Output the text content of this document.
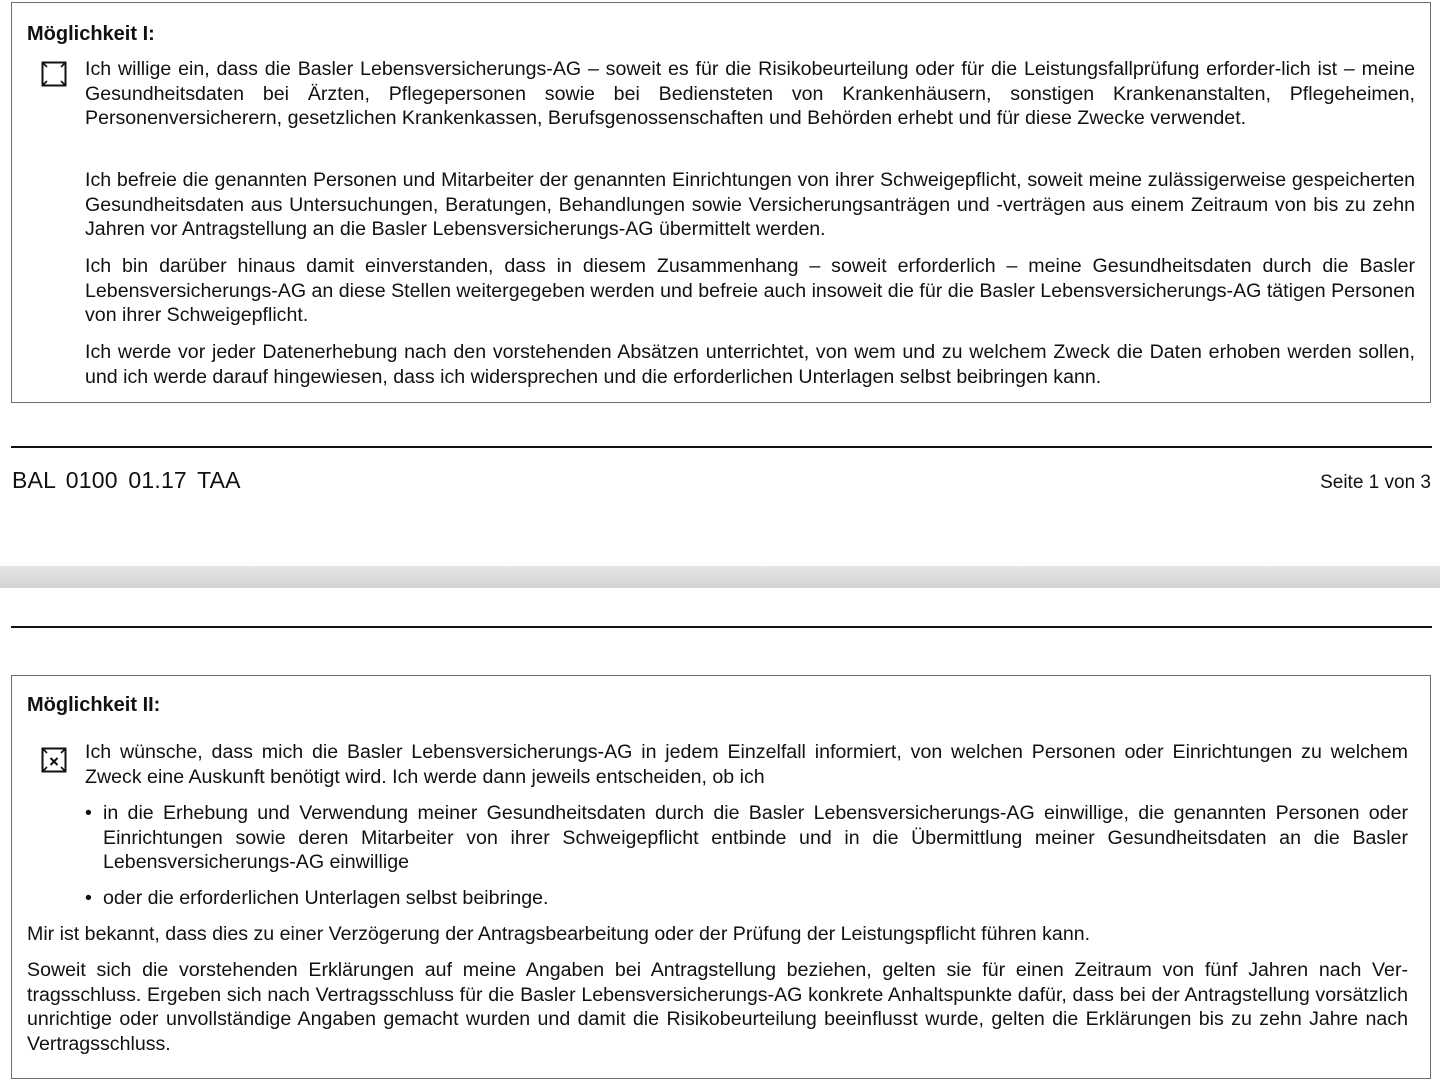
Möglichkeit I:

Ich willige ein, dass die Basler Lebensversicherungs-AG – soweit es für die Risikobeurteilung oder für die Leistungsfallprüfung erforder-lich ist – meine Gesundheitsdaten bei Ärzten, Pflegepersonen sowie bei Bediensteten von Krankenhäusern, sonstigen Krankenanstalten, Pflegeheimen, Personenversicherern, gesetzlichen Krankenkassen, Berufsgenossenschaften und Behörden erhebt und für diese Zwecke verwendet.

Ich befreie die genannten Personen und Mitarbeiter der genannten Einrichtungen von ihrer Schweigepflicht, soweit meine zulässigerweise gespeicherten Gesundheitsdaten aus Untersuchungen, Beratungen, Behandlungen sowie Versicherungsanträgen und -verträgen aus einem Zeitraum von bis zu zehn Jahren vor Antragstellung an die Basler Lebensversicherungs-AG übermittelt werden.

Ich bin darüber hinaus damit einverstanden, dass in diesem Zusammenhang – soweit erforderlich – meine Gesundheitsdaten durch die Basler Lebensversicherungs-AG an diese Stellen weitergegeben werden und befreie auch insoweit die für die Basler Lebensversicherungs-AG tätigen Personen von ihrer Schweigepflicht.

Ich werde vor jeder Datenerhebung nach den vorstehenden Absätzen unterrichtet, von wem und zu welchem Zweck die Daten erhoben werden sollen, und ich werde darauf hingewiesen, dass ich widersprechen und die erforderlichen Unterlagen selbst beibringen kann.

BAL 0100 01.17 TAA	Seite 1 von 3
Möglichkeit II:

Ich wünsche, dass mich die Basler Lebensversicherungs-AG in jedem Einzelfall informiert, von welchen Personen oder Einrichtungen zu welchem Zweck eine Auskunft benötigt wird. Ich werde dann jeweils entscheiden, ob ich

• in die Erhebung und Verwendung meiner Gesundheitsdaten durch die Basler Lebensversicherungs-AG einwillige, die genannten Personen oder Einrichtungen sowie deren Mitarbeiter von ihrer Schweigepflicht entbinde und in die Übermittlung meiner Gesundheitsdaten an die Basler Lebensversicherungs-AG einwillige

• oder die erforderlichen Unterlagen selbst beibringe.

Mir ist bekannt, dass dies zu einer Verzögerung der Antragsbearbeitung oder der Prüfung der Leistungspflicht führen kann.

Soweit sich die vorstehenden Erklärungen auf meine Angaben bei Antragstellung beziehen, gelten sie für einen Zeitraum von fünf Jahren nach Ver-tragsschluss. Ergeben sich nach Vertragsschluss für die Basler Lebensversicherungs-AG konkrete Anhaltspunkte dafür, dass bei der Antragstellung vorsätzlich unrichtige oder unvollständige Angaben gemacht wurden und damit die Risikobeurteilung beeinflusst wurde, gelten die Erklärungen bis zu zehn Jahre nach Vertragsschluss.
